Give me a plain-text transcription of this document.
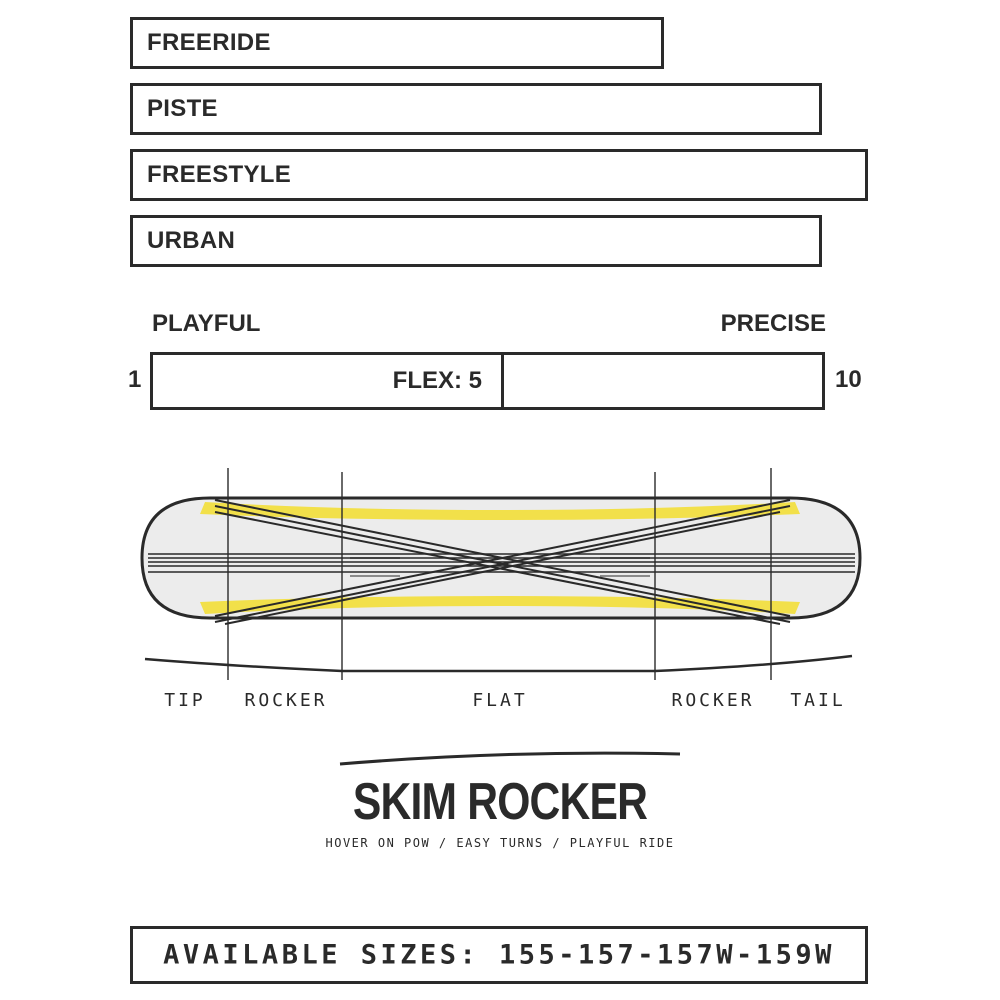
FREERIDE
PISTE
FREESTYLE
URBAN
PLAYFUL	PRECISE
1	FLEX: 5	10
TIP ROCKER	FLAT	ROCKER TAIL
SKIM ROCKER
HOVER ON POW / EASY TURNS / PLAYFUL RIDE
AVAILABLE SIZES: 155-157-157W-159W
